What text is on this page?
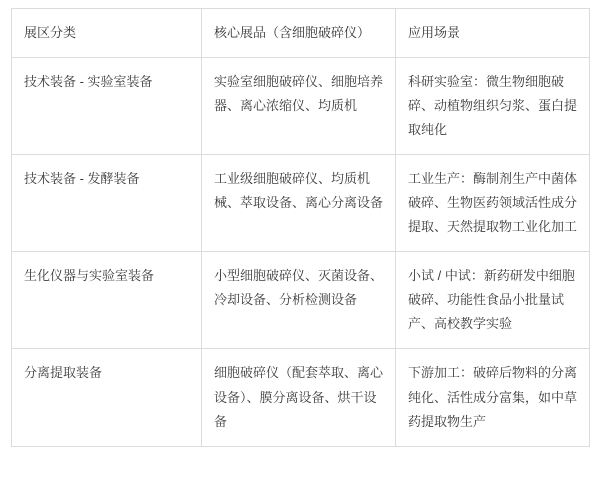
展区分类	核心展品（含细胞破碎仪）	应用场景

技术装备 - 实验室装备	实验室细胞破碎仪、细胞培养器、离心浓缩仪、均质机	科研实验室：微生物细胞破碎、动植物组织匀浆、蛋白提取纯化

技术装备 - 发酵装备	工业级细胞破碎仪、均质机械、萃取设备、离心分离设备	工业生产：酶制剂生产中菌体破碎、生物医药领域活性成分提取、天然提取物工业化加工

生化仪器与实验室装备	小型细胞破碎仪、灭菌设备、冷却设备、分析检测设备	小试 / 中试：新药研发中细胞破碎、功能性食品小批量试产、高校教学实验

分离提取装备	细胞破碎仪（配套萃取、离心设备）、膜分离设备、烘干设备	下游加工：破碎后物料的分离纯化、活性成分富集，如中草药提取物生产
